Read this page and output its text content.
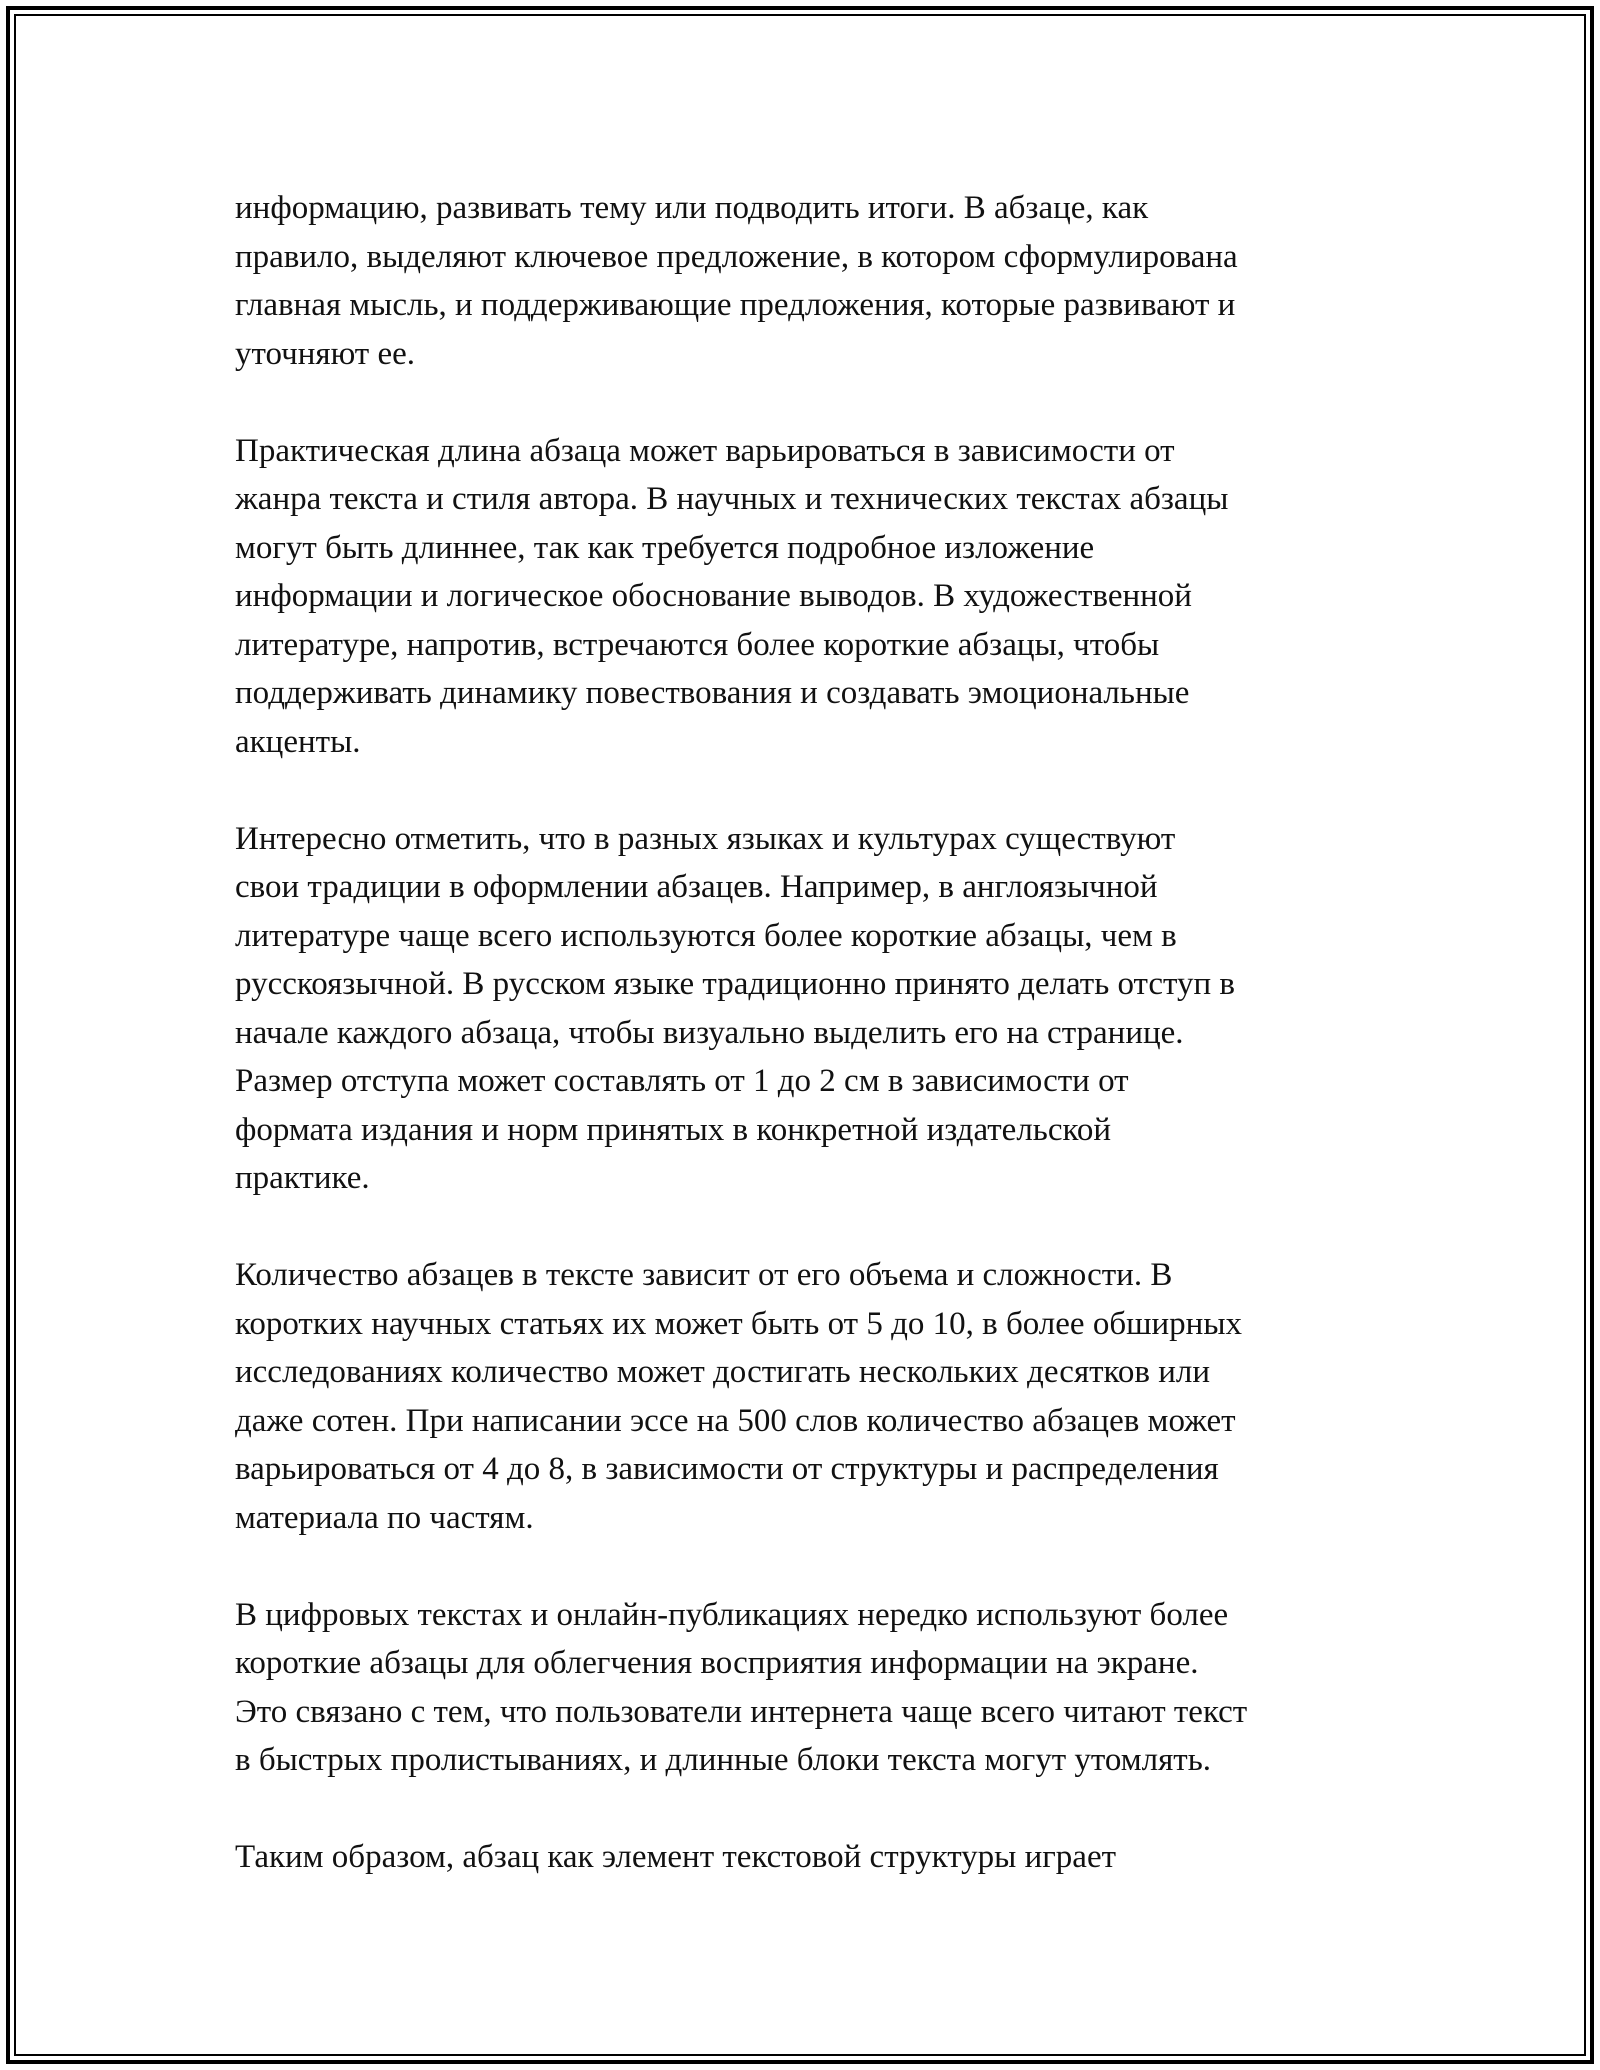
информацию, развивать тему или подводить итоги. В абзаце, как
правило, выделяют ключевое предложение, в котором сформулирована
главная мысль, и поддерживающие предложения, которые развивают и
уточняют ее.

Практическая длина абзаца может варьироваться в зависимости от
жанра текста и стиля автора. В научных и технических текстах абзацы
могут быть длиннее, так как требуется подробное изложение
информации и логическое обоснование выводов. В художественной
литературе, напротив, встречаются более короткие абзацы, чтобы
поддерживать динамику повествования и создавать эмоциональные
акценты.

Интересно отметить, что в разных языках и культурах существуют
свои традиции в оформлении абзацев. Например, в англоязычной
литературе чаще всего используются более короткие абзацы, чем в
русскоязычной. В русском языке традиционно принято делать отступ в
начале каждого абзаца, чтобы визуально выделить его на странице.
Размер отступа может составлять от 1 до 2 см в зависимости от
формата издания и норм принятых в конкретной издательской
практике.

Количество абзацев в тексте зависит от его объема и сложности. В
коротких научных статьях их может быть от 5 до 10, в более обширных
исследованиях количество может достигать нескольких десятков или
даже сотен. При написании эссе на 500 слов количество абзацев может
варьироваться от 4 до 8, в зависимости от структуры и распределения
материала по частям.

В цифровых текстах и онлайн-публикациях нередко используют более
короткие абзацы для облегчения восприятия информации на экране.
Это связано с тем, что пользователи интернета чаще всего читают текст
в быстрых пролистываниях, и длинные блоки текста могут утомлять.

Таким образом, абзац как элемент текстовой структуры играет
